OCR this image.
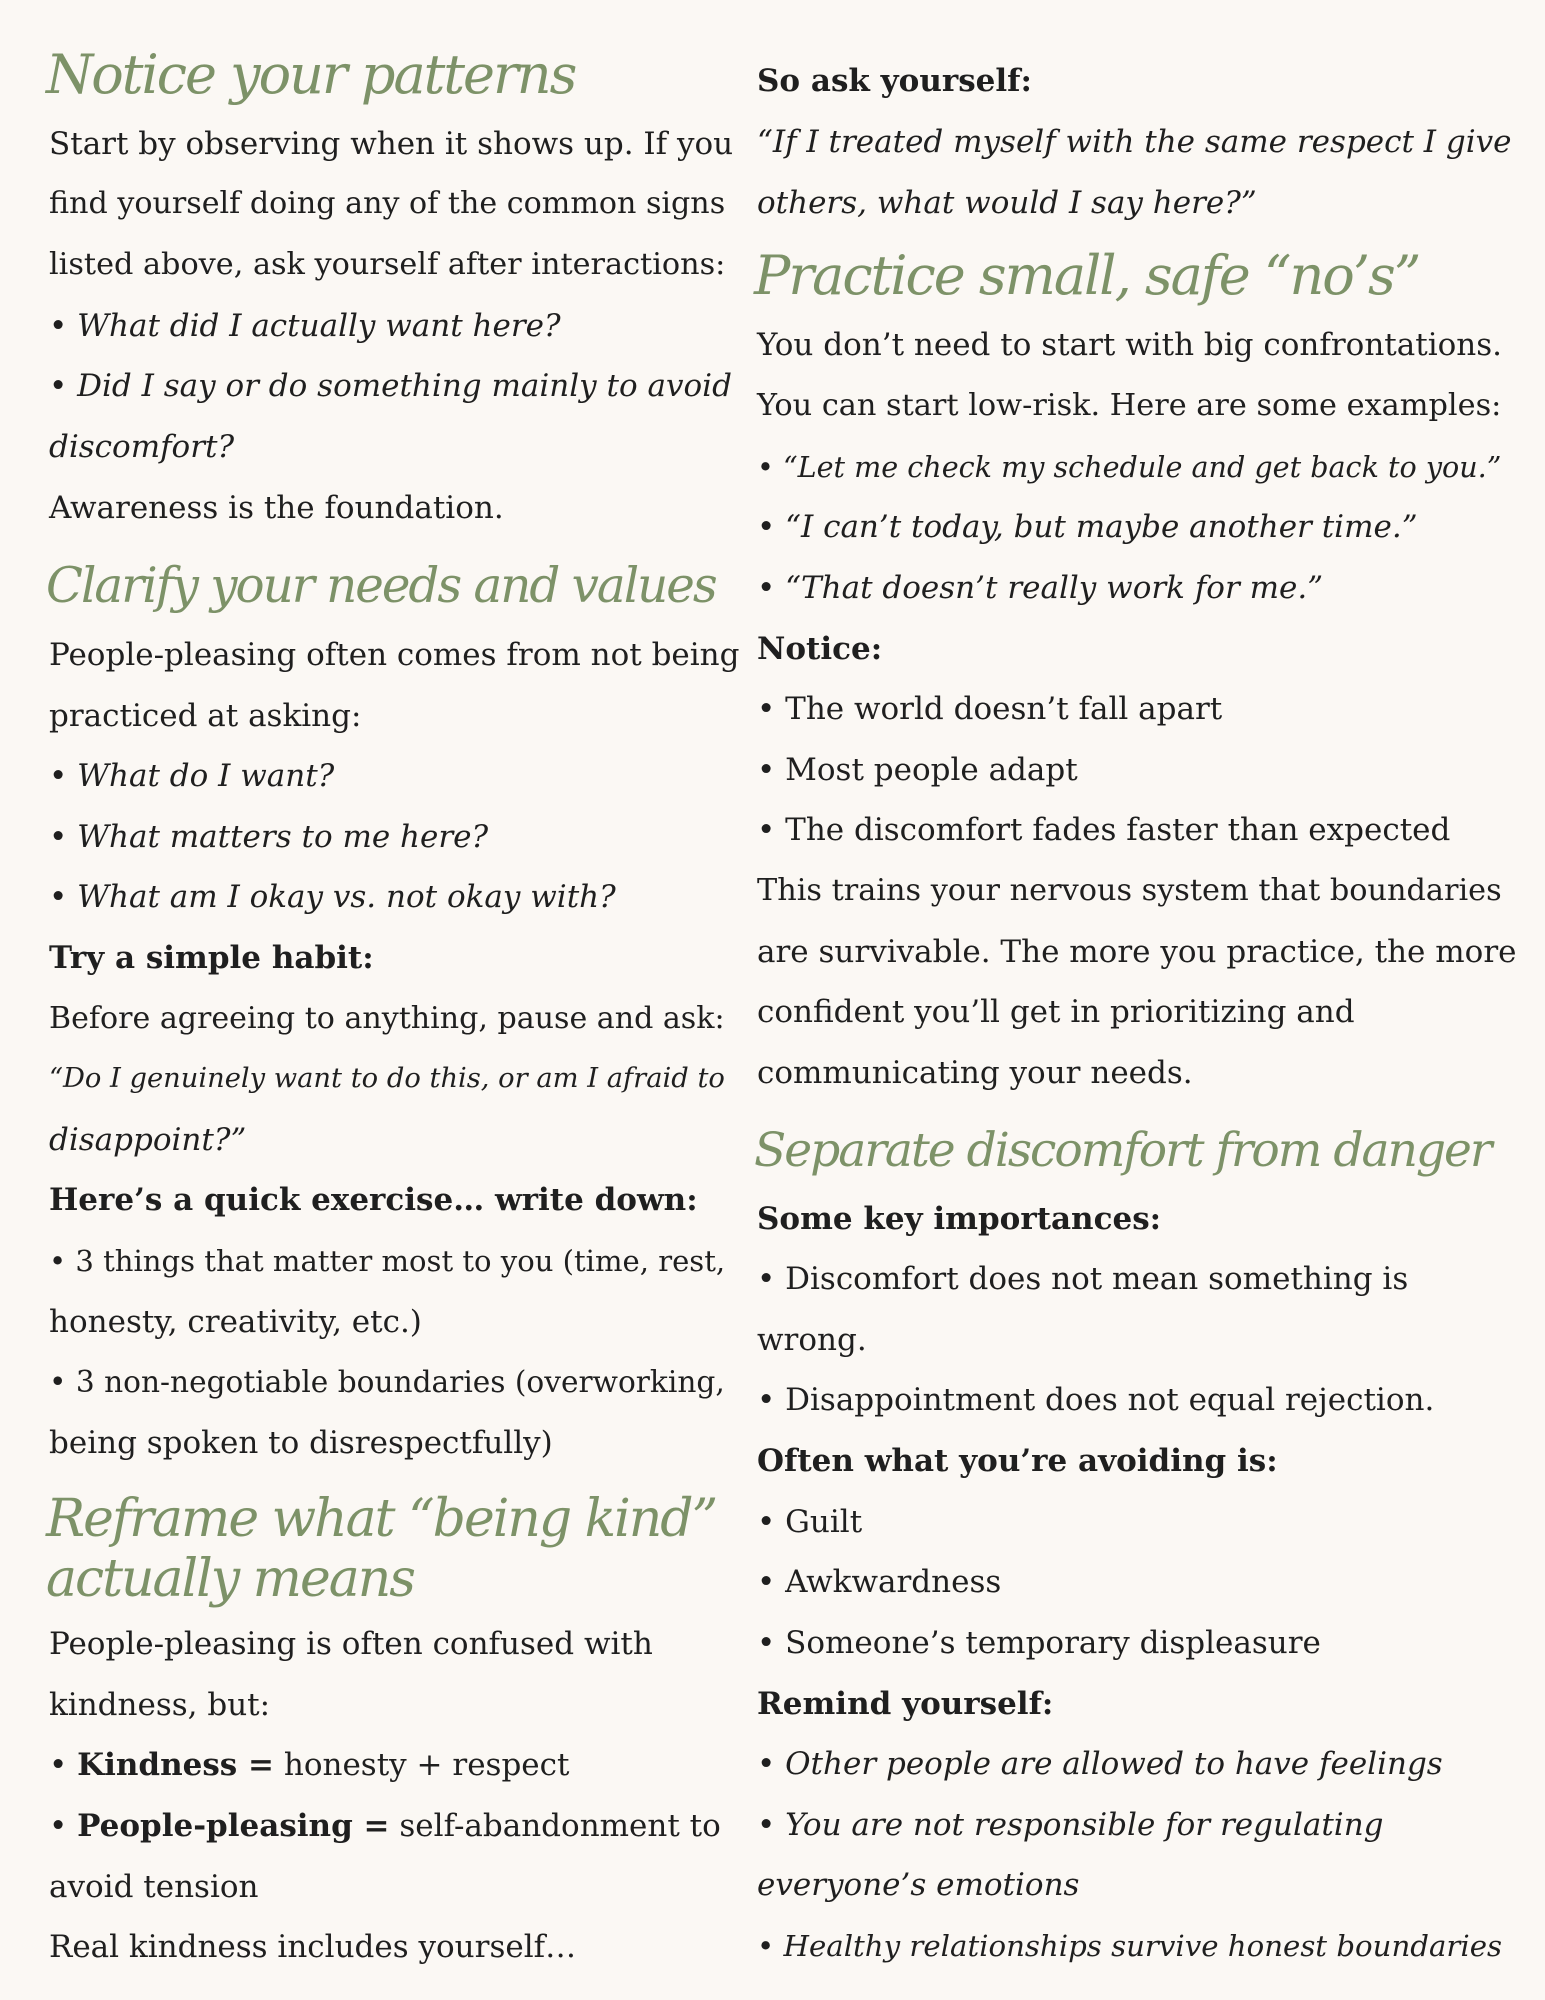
Notice your patterns
Start by observing when it shows up. If you
find yourself doing any of the common signs
listed above, ask yourself after interactions:
• What did I actually want here?
• Did I say or do something mainly to avoid
discomfort?
Awareness is the foundation.
Clarify your needs and values
People-pleasing often comes from not being
practiced at asking:
• What do I want?
• What matters to me here?
• What am I okay vs. not okay with?
Try a simple habit:
Before agreeing to anything, pause and ask:
“Do I genuinely want to do this, or am I afraid to
disappoint?”
Here’s a quick exercise… write down:
• 3 things that matter most to you (time, rest,
honesty, creativity, etc.)
• 3 non-negotiable boundaries (overworking,
being spoken to disrespectfully)
Reframe what “being kind”
actually means
People-pleasing is often confused with
kindness, but:
• Kindness = honesty + respect
• People-pleasing = self-abandonment to
avoid tension
Real kindness includes yourself…
So ask yourself:
“If I treated myself with the same respect I give
others, what would I say here?”
Practice small, safe “no’s”
You don’t need to start with big confrontations.
You can start low-risk. Here are some examples:
• “Let me check my schedule and get back to you.”
• “I can’t today, but maybe another time.”
• “That doesn’t really work for me.”
Notice:
• The world doesn’t fall apart
• Most people adapt
• The discomfort fades faster than expected
This trains your nervous system that boundaries
are survivable. The more you practice, the more
confident you’ll get in prioritizing and
communicating your needs.
Separate discomfort from danger
Some key importances:
• Discomfort does not mean something is
wrong.
• Disappointment does not equal rejection.
Often what you’re avoiding is:
• Guilt
• Awkwardness
• Someone’s temporary displeasure
Remind yourself:
• Other people are allowed to have feelings
• You are not responsible for regulating
everyone’s emotions
• Healthy relationships survive honest boundaries
